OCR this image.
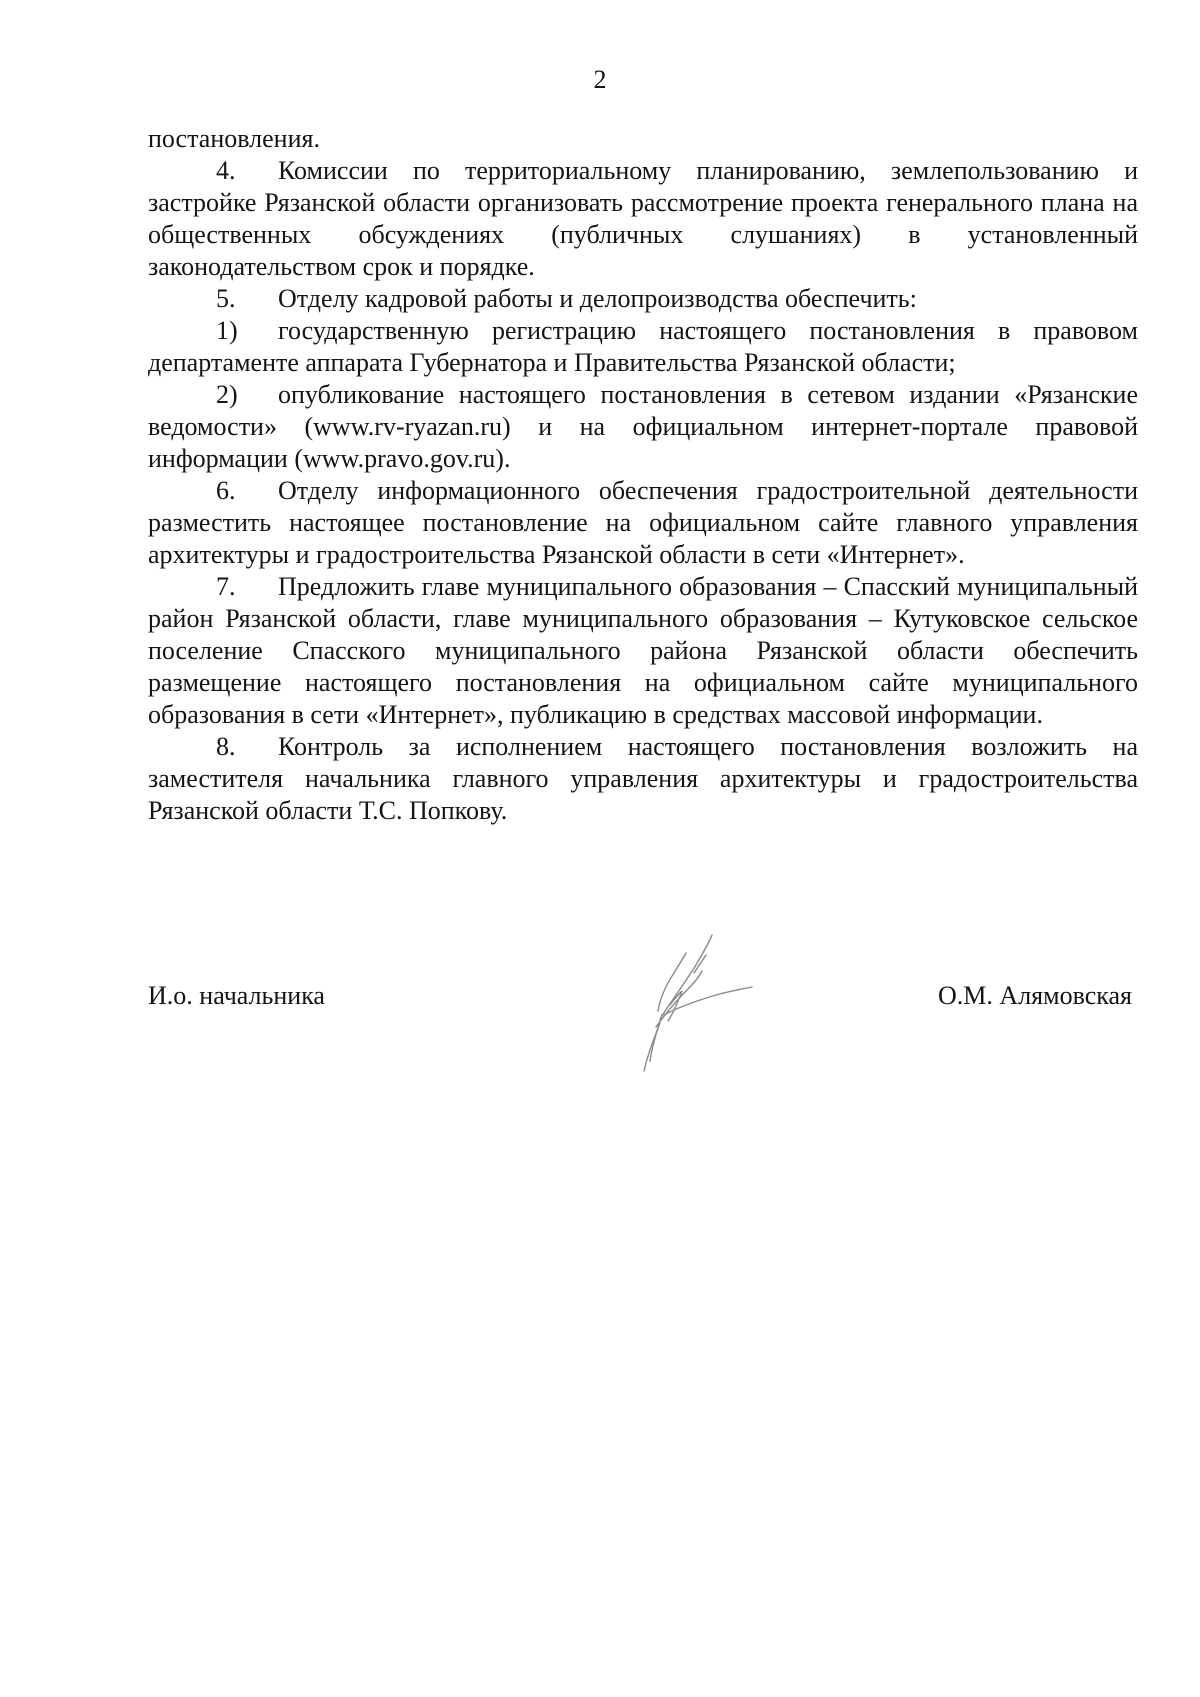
2

постановления.

4. Комиссии по территориальному планированию, землепользованию и застройке Рязанской области организовать рассмотрение проекта генерального плана на общественных обсуждениях (публичных слушаниях) в установленный законодательством срок и порядке.

5. Отделу кадровой работы и делопроизводства обеспечить:

1) государственную регистрацию настоящего постановления в правовом департаменте аппарата Губернатора и Правительства Рязанской области;

2) опубликование настоящего постановления в сетевом издании «Рязанские ведомости» (www.rv-ryazan.ru) и на официальном интернет-портале правовой информации (www.pravo.gov.ru).

6. Отделу информационного обеспечения градостроительной деятельности разместить настоящее постановление на официальном сайте главного управления архитектуры и градостроительства Рязанской области в сети «Интернет».

7. Предложить главе муниципального образования – Спасский муниципальный район Рязанской области, главе муниципального образования – Кутуковское сельское поселение Спасского муниципального района Рязанской области обеспечить размещение настоящего постановления на официальном сайте муниципального образования в сети «Интернет», публикацию в средствах массовой информации.

8. Контроль за исполнением настоящего постановления возложить на заместителя начальника главного управления архитектуры и градостроительства Рязанской области Т.С. Попкову.

И.о. начальника	О.М. Алямовская
